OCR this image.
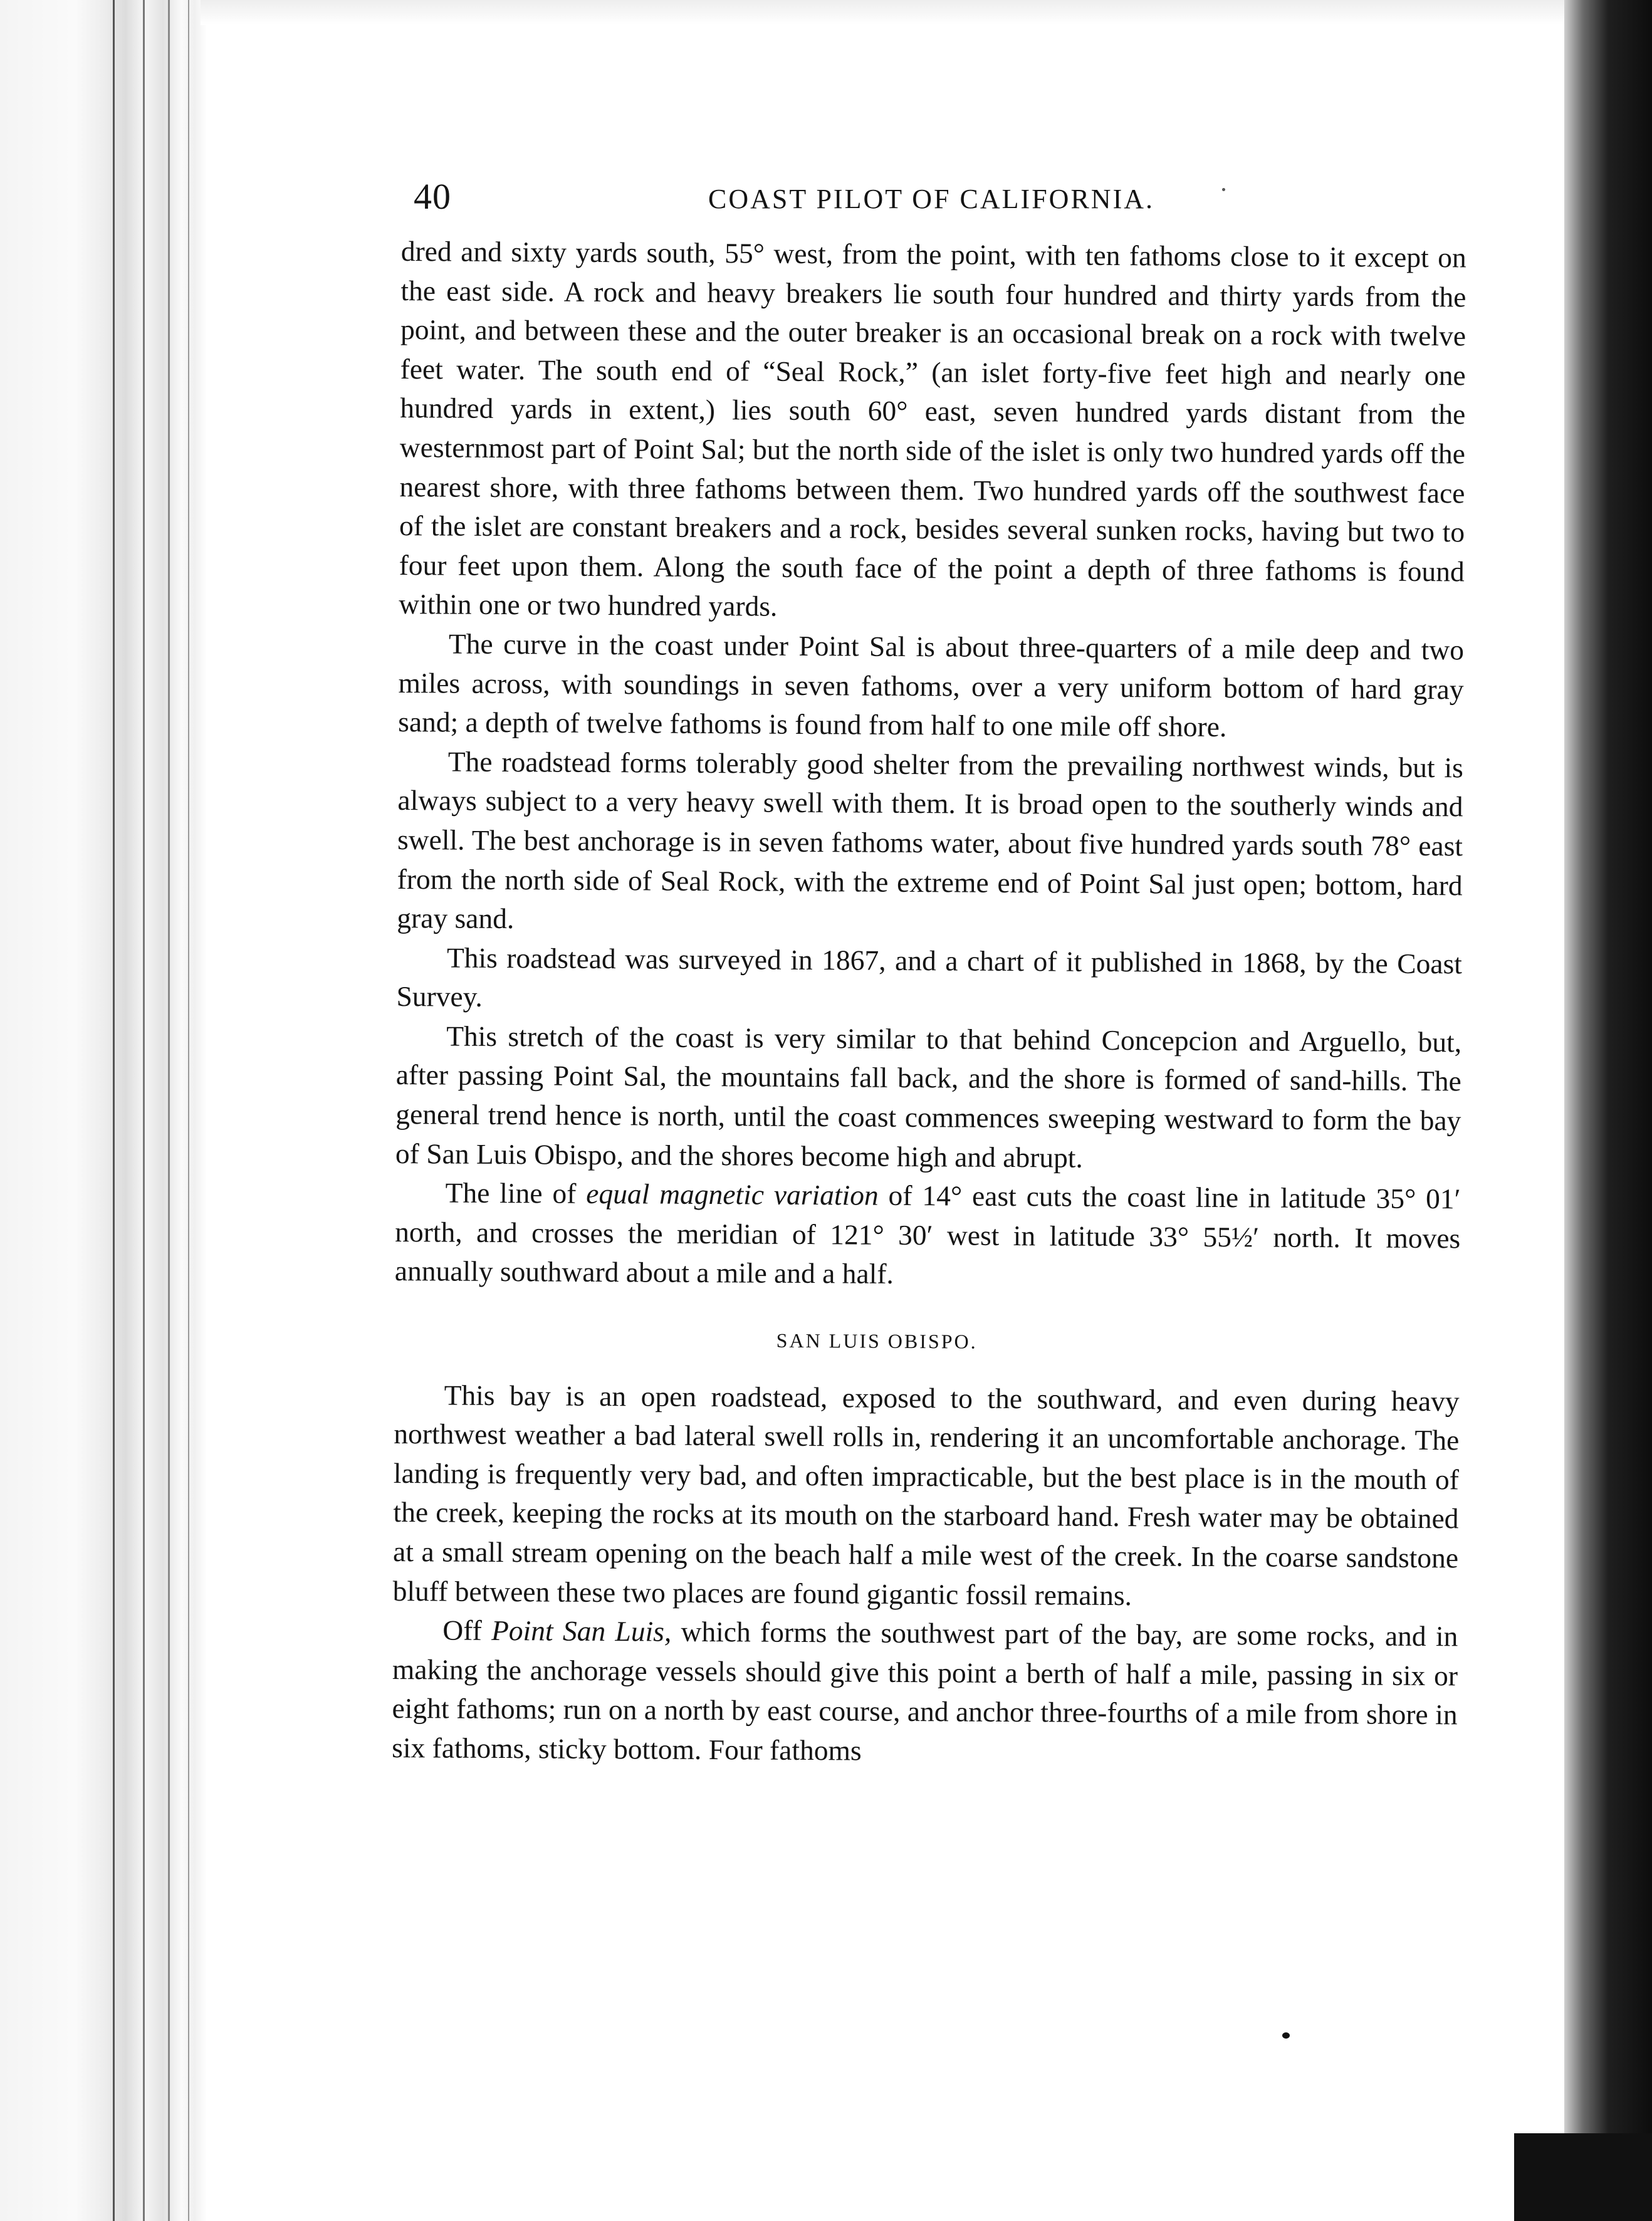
40	COAST PILOT OF CALIFORNIA.

dred and sixty yards south, 55° west, from the point, with ten fathoms close to it except on the east side. A rock and heavy breakers lie south four hundred and thirty yards from the point, and between these and the outer breaker is an occasional break on a rock with twelve feet water. The south end of “Seal Rock,” (an islet forty-five feet high and nearly one hundred yards in extent,) lies south 60° east, seven hundred yards distant from the westernmost part of Point Sal; but the north side of the islet is only two hundred yards off the nearest shore, with three fathoms between them. Two hundred yards off the southwest face of the islet are constant breakers and a rock, besides several sunken rocks, having but two to four feet upon them. Along the south face of the point a depth of three fathoms is found within one or two hundred yards.

The curve in the coast under Point Sal is about three-quarters of a mile deep and two miles across, with soundings in seven fathoms, over a very uniform bottom of hard gray sand; a depth of twelve fathoms is found from half to one mile off shore.

The roadstead forms tolerably good shelter from the prevailing northwest winds, but is always subject to a very heavy swell with them. It is broad open to the southerly winds and swell. The best anchorage is in seven fathoms water, about five hundred yards south 78° east from the north side of Seal Rock, with the extreme end of Point Sal just open; bottom, hard gray sand.

This roadstead was surveyed in 1867, and a chart of it published in 1868, by the Coast Survey.

This stretch of the coast is very similar to that behind Concepcion and Arguello, but, after passing Point Sal, the mountains fall back, and the shore is formed of sand-hills. The general trend hence is north, until the coast commences sweeping westward to form the bay of San Luis Obispo, and the shores become high and abrupt.

The line of equal magnetic variation of 14° east cuts the coast line in latitude 35° 01′ north, and crosses the meridian of 121° 30′ west in latitude 33° 55½′ north. It moves annually southward about a mile and a half.

SAN LUIS OBISPO.

This bay is an open roadstead, exposed to the southward, and even during heavy northwest weather a bad lateral swell rolls in, rendering it an uncomfortable anchorage. The landing is frequently very bad, and often impracticable, but the best place is in the mouth of the creek, keeping the rocks at its mouth on the starboard hand. Fresh water may be obtained at a small stream opening on the beach half a mile west of the creek. In the coarse sandstone bluff between these two places are found gigantic fossil remains.

Off Point San Luis, which forms the southwest part of the bay, are some rocks, and in making the anchorage vessels should give this point a berth of half a mile, passing in six or eight fathoms; run on a north by east course, and anchor three-fourths of a mile from shore in six fathoms, sticky bottom. Four fathoms
